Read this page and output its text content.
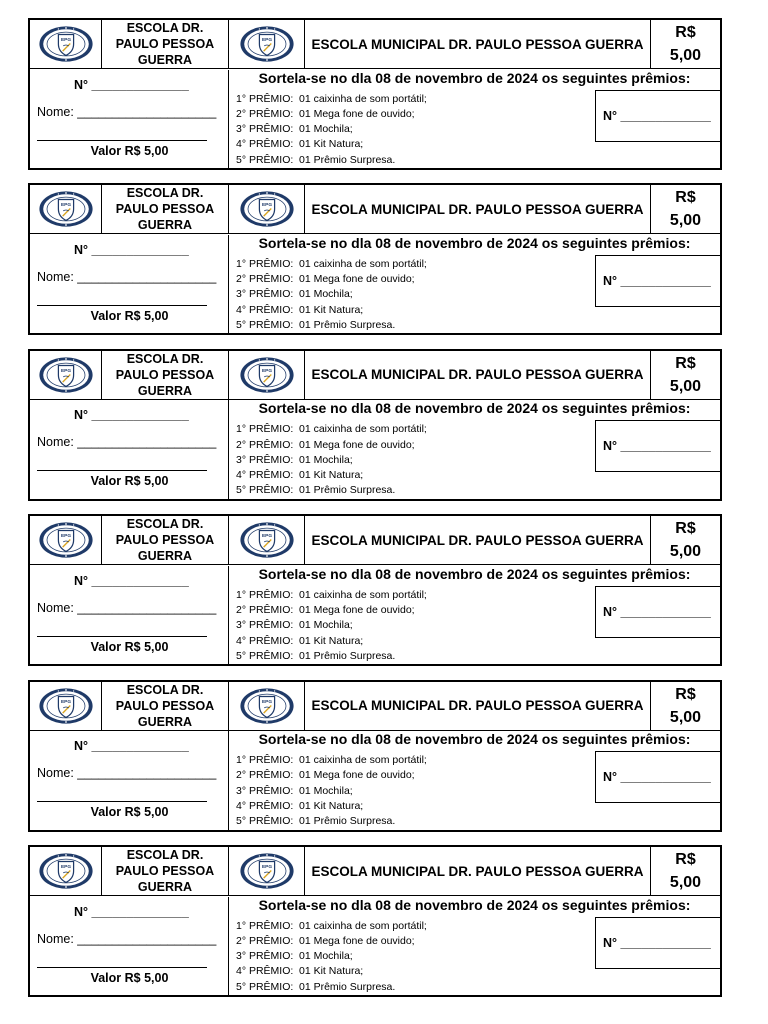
EPG
ESCOLA DR. PAULO PESSOA GUERRA
EPG	ESCOLA MUNICIPAL DR. PAULO PESSOA GUERRA
R$
5,00
N° ______________
Nome: ____________________
Valor R$ 5,00
Sortela-se no dla 08 de novembro de 2024 os seguintes prêmios:
1° PRÊMIO: 01 caixinha de som portátil;
2° PRÊMIO: 01 Mega fone de ouvido;
3° PRÊMIO: 01 Mochila;
4° PRÊMIO: 01 Kit Natura;
5° PRÊMIO: 01 Prêmio Surpresa.
N° _____________
EPG
ESCOLA DR. PAULO PESSOA GUERRA
EPG	ESCOLA MUNICIPAL DR. PAULO PESSOA GUERRA
R$
5,00
N° ______________
Nome: ____________________
Valor R$ 5,00
Sortela-se no dla 08 de novembro de 2024 os seguintes prêmios:
1° PRÊMIO: 01 caixinha de som portátil;
2° PRÊMIO: 01 Mega fone de ouvido;
3° PRÊMIO: 01 Mochila;
4° PRÊMIO: 01 Kit Natura;
5° PRÊMIO: 01 Prêmio Surpresa.
N° _____________
EPG
ESCOLA DR. PAULO PESSOA GUERRA
EPG	ESCOLA MUNICIPAL DR. PAULO PESSOA GUERRA
R$
5,00
N° ______________
Nome: ____________________
Valor R$ 5,00
Sortela-se no dla 08 de novembro de 2024 os seguintes prêmios:
1° PRÊMIO: 01 caixinha de som portátil;
2° PRÊMIO: 01 Mega fone de ouvido;
3° PRÊMIO: 01 Mochila;
4° PRÊMIO: 01 Kit Natura;
5° PRÊMIO: 01 Prêmio Surpresa.
N° _____________
EPG
ESCOLA DR. PAULO PESSOA GUERRA
EPG	ESCOLA MUNICIPAL DR. PAULO PESSOA GUERRA
R$
5,00
N° ______________
Nome: ____________________
Valor R$ 5,00
Sortela-se no dla 08 de novembro de 2024 os seguintes prêmios:
1° PRÊMIO: 01 caixinha de som portátil;
2° PRÊMIO: 01 Mega fone de ouvido;
3° PRÊMIO: 01 Mochila;
4° PRÊMIO: 01 Kit Natura;
5° PRÊMIO: 01 Prêmio Surpresa.
N° _____________
EPG
ESCOLA DR. PAULO PESSOA GUERRA
EPG	ESCOLA MUNICIPAL DR. PAULO PESSOA GUERRA
R$
5,00
N° ______________
Nome: ____________________
Valor R$ 5,00
Sortela-se no dla 08 de novembro de 2024 os seguintes prêmios:
1° PRÊMIO: 01 caixinha de som portátil;
2° PRÊMIO: 01 Mega fone de ouvido;
3° PRÊMIO: 01 Mochila;
4° PRÊMIO: 01 Kit Natura;
5° PRÊMIO: 01 Prêmio Surpresa.
N° _____________
EPG
ESCOLA DR. PAULO PESSOA GUERRA
EPG	ESCOLA MUNICIPAL DR. PAULO PESSOA GUERRA
R$
5,00
N° ______________
Nome: ____________________
Valor R$ 5,00
Sortela-se no dla 08 de novembro de 2024 os seguintes prêmios:
1° PRÊMIO: 01 caixinha de som portátil;
2° PRÊMIO: 01 Mega fone de ouvido;
3° PRÊMIO: 01 Mochila;
4° PRÊMIO: 01 Kit Natura;
5° PRÊMIO: 01 Prêmio Surpresa.
N° _____________
